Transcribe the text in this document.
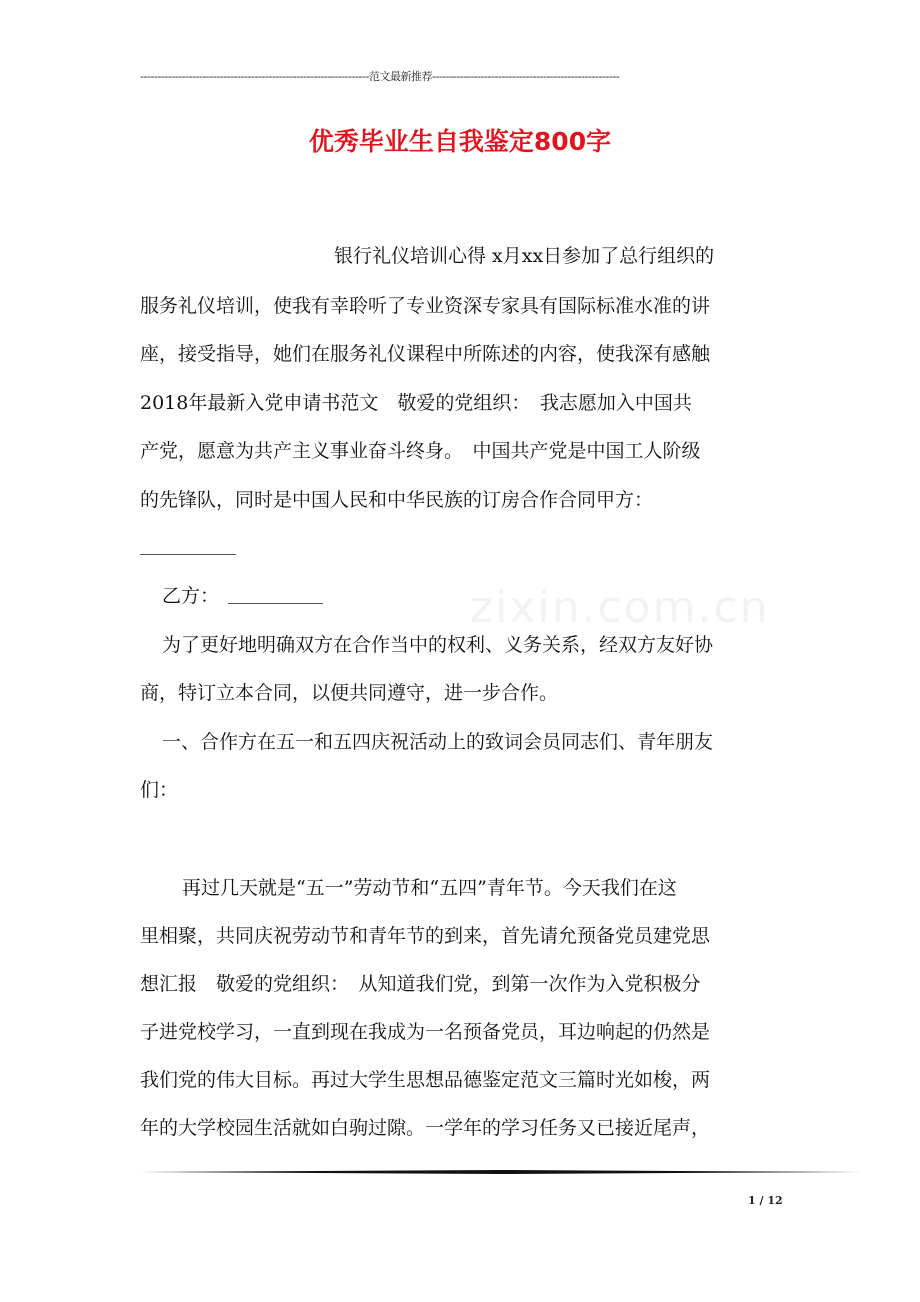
------------------------------------------------------------------范文最新推荐------------------------------------------------------
优秀毕业生自我鉴定800字
zixin.com.cn
银行礼仪培训心得 x月xx日参加了总行组织的
服务礼仪培训，使我有幸聆听了专业资深专家具有国际标准水准的讲
座，接受指导，她们在服务礼仪课程中所陈述的内容，使我深有感触
2018年最新入党申请书范文　敬爱的党组织：　我志愿加入中国共
产党，愿意为共产主义事业奋斗终身。　中国共产党是中国工人阶级
的先锋队，同时是中国人民和中华民族的订房合作合同甲方：
乙方：
为了更好地明确双方在合作当中的权利、义务关系，经双方友好协
商，特订立本合同，以便共同遵守，进一步合作。
一、合作方在五一和五四庆祝活动上的致词会员同志们、青年朋友
们：
再过几天就是“五一”劳动节和“五四”青年节。今天我们在这
里相聚，共同庆祝劳动节和青年节的到来，首先请允预备党员建党思
想汇报　敬爱的党组织：　从知道我们党，到第一次作为入党积极分
子进党校学习，一直到现在我成为一名预备党员，耳边响起的仍然是
我们党的伟大目标。再过大学生思想品德鉴定范文三篇时光如梭，两
年的大学校园生活就如白驹过隙。一学年的学习任务又已接近尾声，
1 / 12
